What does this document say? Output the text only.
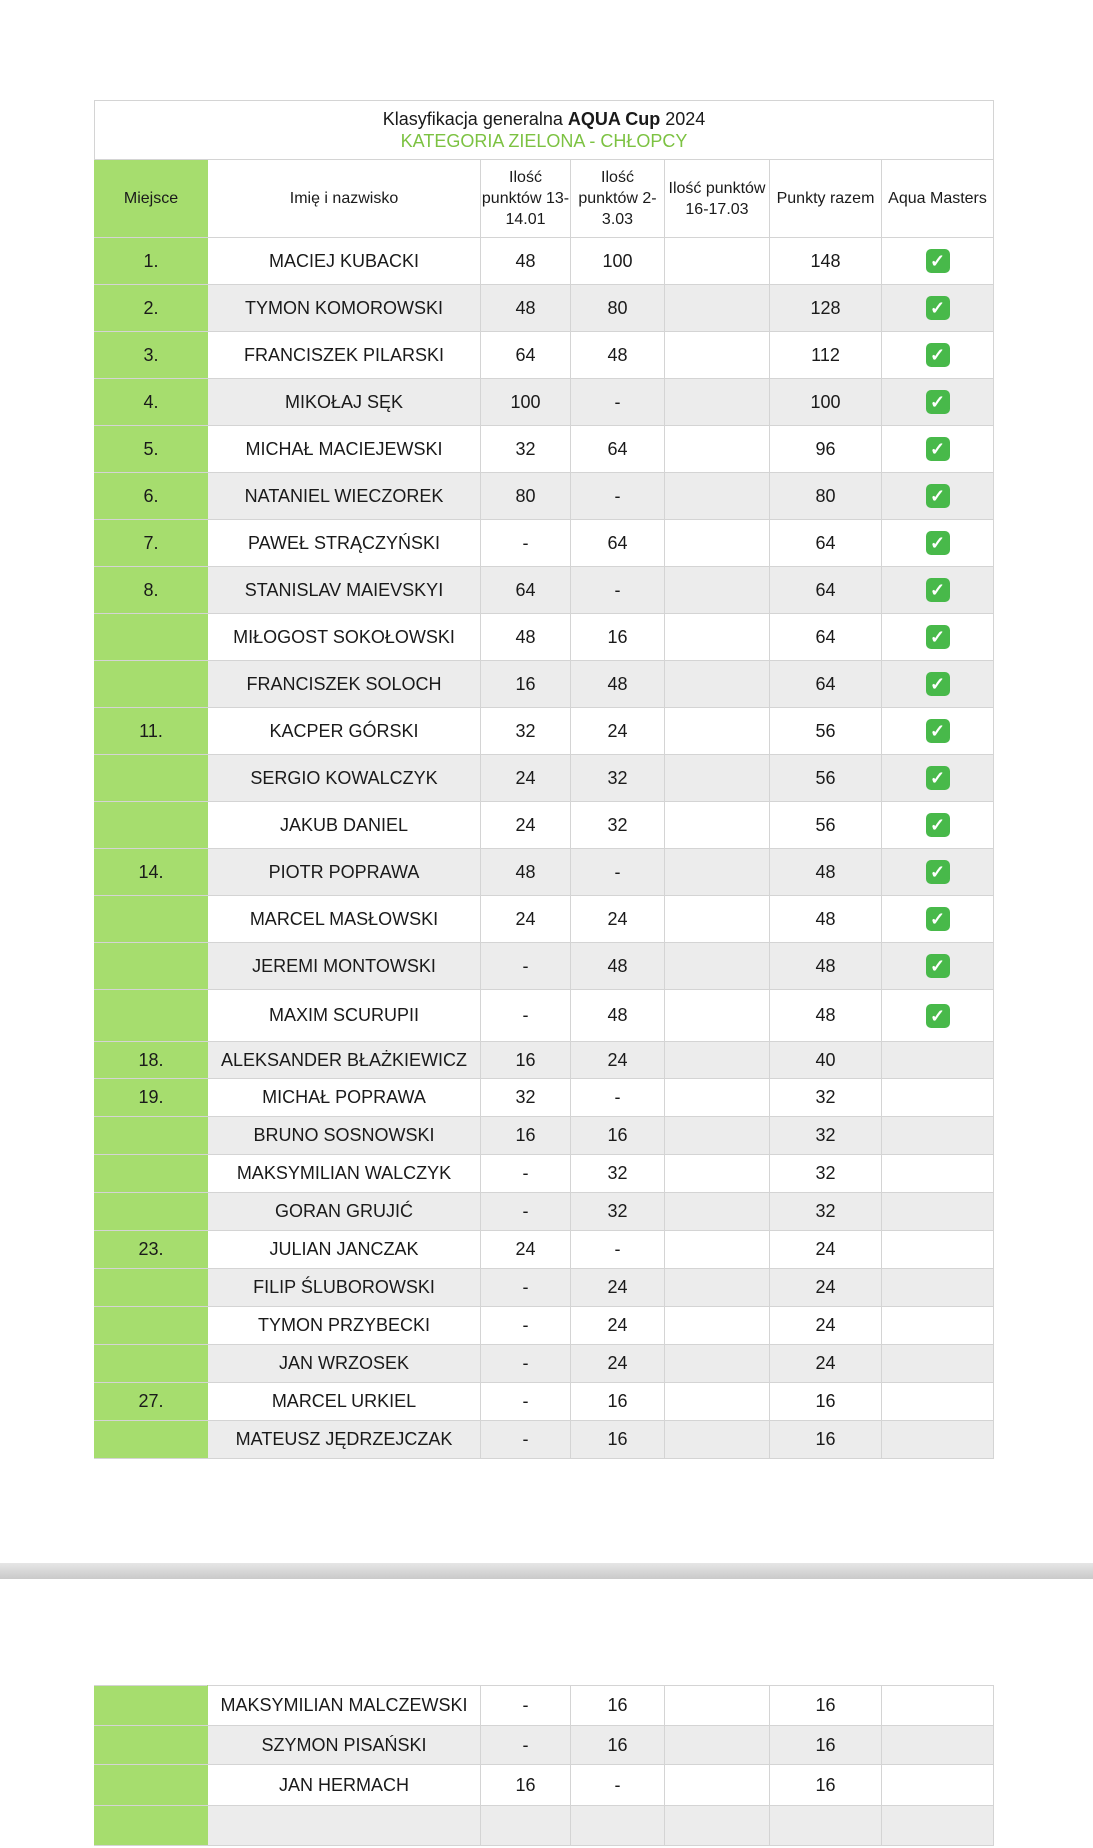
Klasyfikacja generalna AQUA Cup 2024
KATEGORIA ZIELONA - CHŁOPCY						

Miejsce	Imię i nazwisko	Ilość punktów 13-14.01	Ilość punktów 2-3.03	Ilość punktów 16-17.03	Punkty razem	Aqua Masters
1.	MACIEJ KUBACKI	48	100		148	✓
2.	TYMON KOMOROWSKI	48	80		128	✓
3.	FRANCISZEK PILARSKI	64	48		112	✓
4.	MIKOŁAJ SĘK	100	-		100	✓
5.	MICHAŁ MACIEJEWSKI	32	64		96	✓
6.	NATANIEL WIECZOREK	80	-		80	✓
7.	PAWEŁ STRĄCZYŃSKI	-	64		64	✓
8.	STANISLAV MAIEVSKYI	64	-		64	✓
	MIŁOGOST SOKOŁOWSKI	48	16		64	✓
	FRANCISZEK SOLOCH	16	48		64	✓
11.	KACPER GÓRSKI	32	24		56	✓
	SERGIO KOWALCZYK	24	32		56	✓
	JAKUB DANIEL	24	32		56	✓
14.	PIOTR POPRAWA	48	-		48	✓
	MARCEL MASŁOWSKI	24	24		48	✓
	JEREMI MONTOWSKI	-	48		48	✓
	MAXIM SCURUPII	-	48		48	✓
18.	ALEKSANDER BŁAŻKIEWICZ	16	24		40	
19.	MICHAŁ POPRAWA	32	-		32	
	BRUNO SOSNOWSKI	16	16		32	
	MAKSYMILIAN WALCZYK	-	32		32	
	GORAN GRUJIĆ	-	32		32	
23.	JULIAN JANCZAK	24	-		24	
	FILIP ŚLUBOROWSKI	-	24		24	
	TYMON PRZYBECKI	-	24		24	
	JAN WRZOSEK	-	24		24	
27.	MARCEL URKIEL	-	16		16	
	MATEUSZ JĘDRZEJCZAK	-	16		16	
	MAKSYMILIAN MALCZEWSKI	-	16		16	
	SZYMON PISAŃSKI	-	16		16	
	JAN HERMACH	16	-		16	
